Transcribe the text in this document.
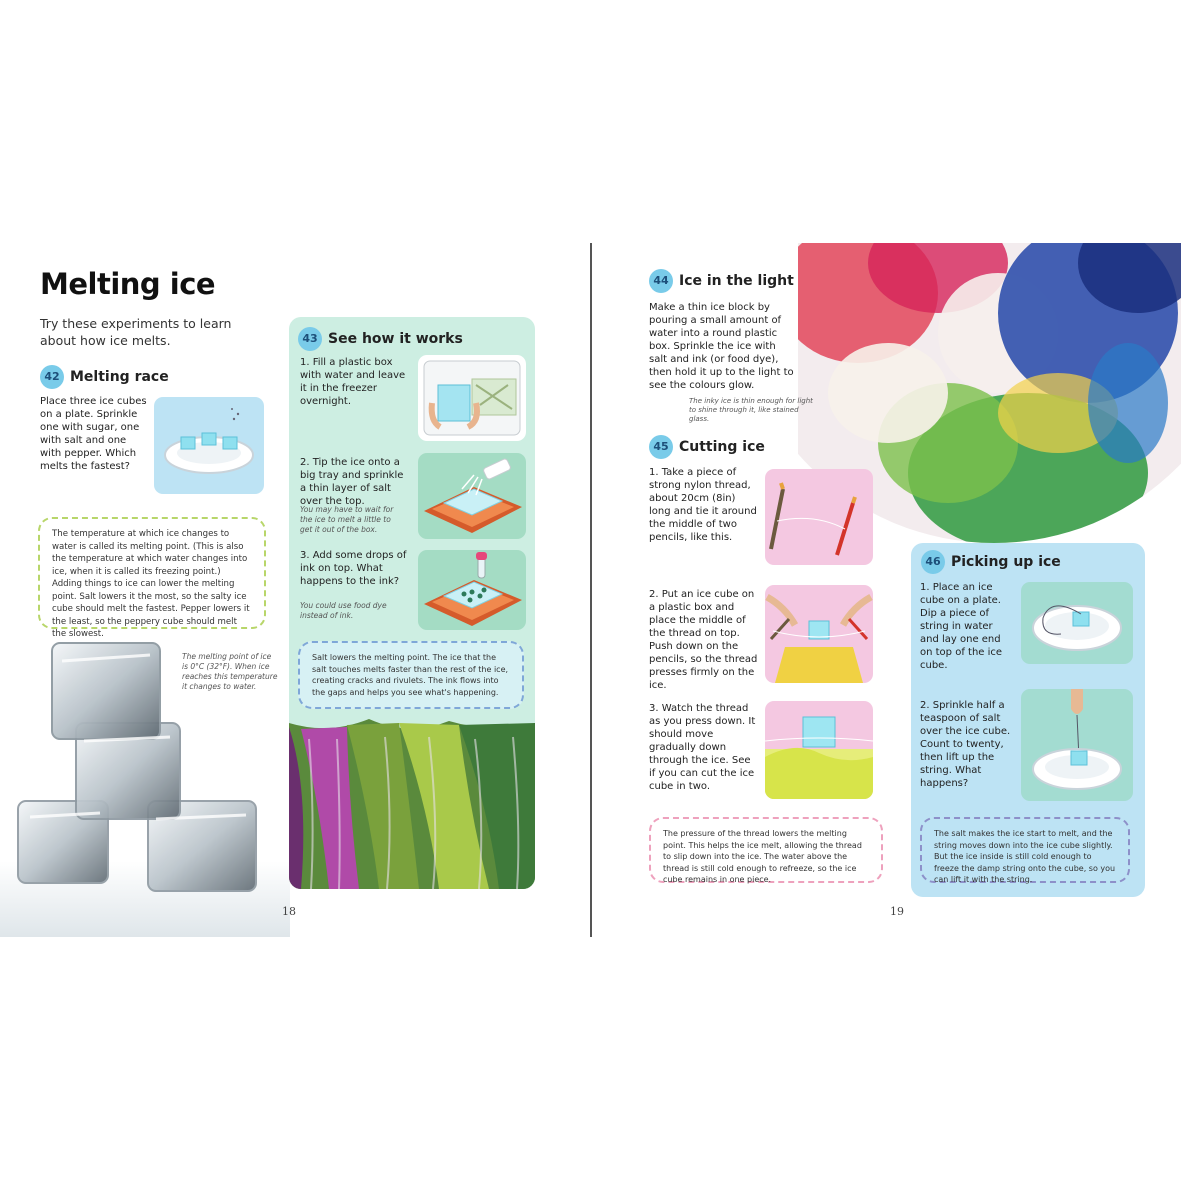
Melting ice
Try these experiments to learn about how ice melts.
42 Melting race
Place three ice cubes on a plate. Sprinkle one with sugar, one with salt and one with pepper. Which melts the fastest?
The temperature at which ice changes to water is called its melting point. (This is also the temperature at which water changes into ice, when it is called its freezing point.) Adding things to ice can lower the melting point. Salt lowers it the most, so the salty ice cube should melt the fastest. Pepper lowers it the least, so the peppery cube should melt the slowest.
The melting point of ice is 0°C (32°F). When ice reaches this temperature it changes to water.
43 See how it works
1. Fill a plastic box with water and leave it in the freezer overnight.
2. Tip the ice onto a big tray and sprinkle a thin layer of salt over the top.
You may have to wait for the ice to melt a little to get it out of the box.
3. Add some drops of ink on top. What happens to the ink?
You could use food dye instead of ink.
Salt lowers the melting point. The ice that the salt touches melts faster than the rest of the ice, creating cracks and rivulets. The ink flows into the gaps and helps you see what's happening.
18
44 Ice in the light
Make a thin ice block by pouring a small amount of water into a round plastic box. Sprinkle the ice with salt and ink (or food dye), then hold it up to the light to see the colours glow.
The inky ice is thin enough for light to shine through it, like stained glass.
45 Cutting ice
1. Take a piece of strong nylon thread, about 20cm (8in) long and tie it around the middle of two pencils, like this.
2. Put an ice cube on a plastic box and place the middle of the thread on top. Push down on the pencils, so the thread presses firmly on the ice.
3. Watch the thread as you press down. It should move gradually down through the ice. See if you can cut the ice cube in two.
The pressure of the thread lowers the melting point. This helps the ice melt, allowing the thread to slip down into the ice. The water above the thread is still cold enough to refreeze, so the ice cube remains in one piece.
46 Picking up ice
1. Place an ice cube on a plate. Dip a piece of string in water and lay one end on top of the ice cube.
2. Sprinkle half a teaspoon of salt over the ice cube. Count to twenty, then lift up the string. What happens?
The salt makes the ice start to melt, and the string moves down into the ice cube slightly. But the ice inside is still cold enough to freeze the damp string onto the cube, so you can lift it with the string.
19
